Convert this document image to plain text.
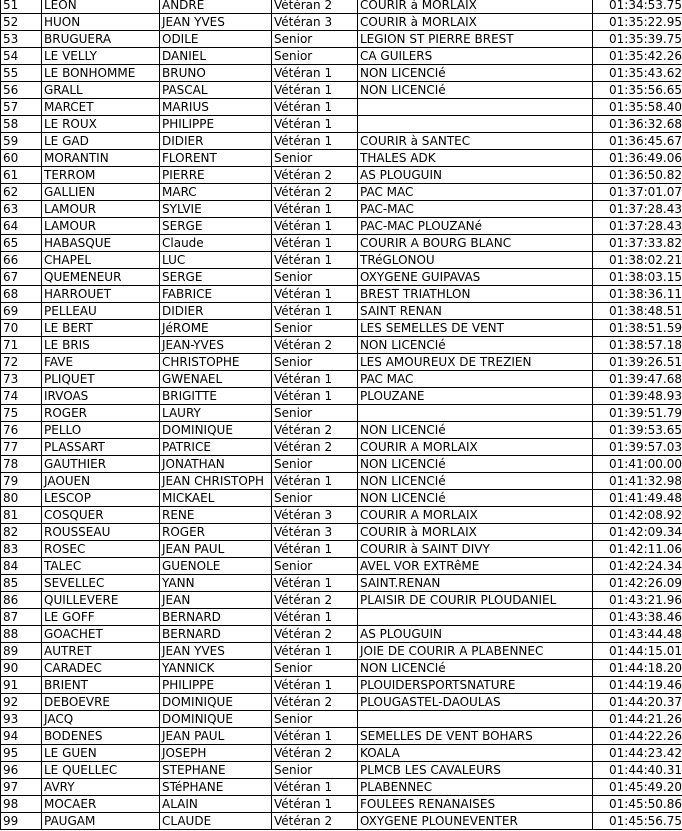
51	LEON	ANDRE	Vétéran 2	COURIR à MORLAIX	01:34:53.75
52	HUON	JEAN YVES	Vétéran 3	COURIR à MORLAIX	01:35:22.95
53	BRUGUERA	ODILE	Senior	LEGION ST PIERRE BREST	01:35:39.75
54	LE VELLY	DANIEL	Senior	CA GUILERS	01:35:42.26
55	LE BONHOMME	BRUNO	Vétéran 1	NON LICENCIé	01:35:43.62
56	GRALL	PASCAL	Vétéran 1	NON LICENCIé	01:35:56.65
57	MARCET	MARIUS	Vétéran 1		01:35:58.40
58	LE ROUX	PHILIPPE	Vétéran 1		01:36:32.68
59	LE GAD	DIDIER	Vétéran 1	COURIR à SANTEC	01:36:45.67
60	MORANTIN	FLORENT	Senior	THALES ADK	01:36:49.06
61	TERROM	PIERRE	Vétéran 2	AS PLOUGUIN	01:36:50.82
62	GALLIEN	MARC	Vétéran 2	PAC MAC	01:37:01.07
63	LAMOUR	SYLVIE	Vétéran 1	PAC-MAC	01:37:28.43
64	LAMOUR	SERGE	Vétéran 1	PAC-MAC PLOUZANé	01:37:28.43
65	HABASQUE	Claude	Vétéran 1	COURIR A BOURG BLANC	01:37:33.82
66	CHAPEL	LUC	Vétéran 1	TRéGLONOU	01:38:02.21
67	QUEMENEUR	SERGE	Senior	OXYGENE GUIPAVAS	01:38:03.15
68	HARROUET	FABRICE	Vétéran 1	BREST TRIATHLON	01:38:36.11
69	PELLEAU	DIDIER	Vétéran 1	SAINT RENAN	01:38:48.51
70	LE BERT	JéROME	Senior	LES SEMELLES DE VENT	01:38:51.59
71	LE BRIS	JEAN-YVES	Vétéran 2	NON LICENCIé	01:38:57.18
72	FAVE	CHRISTOPHE	Senior	LES AMOUREUX DE TREZIEN	01:39:26.51
73	PLIQUET	GWENAEL	Vétéran 1	PAC MAC	01:39:47.68
74	IRVOAS	BRIGITTE	Vétéran 1	PLOUZANE	01:39:48.93
75	ROGER	LAURY	Senior		01:39:51.79
76	PELLO	DOMINIQUE	Vétéran 2	NON LICENCIé	01:39:53.65
77	PLASSART	PATRICE	Vétéran 2	COURIR A MORLAIX	01:39:57.03
78	GAUTHIER	JONATHAN	Senior	NON LICENCIé	01:41:00.00
79	JAOUEN	JEAN CHRISTOPH	Vétéran 1	NON LICENCIé	01:41:32.98
80	LESCOP	MICKAEL	Senior	NON LICENCIé	01:41:49.48
81	COSQUER	RENE	Vétéran 3	COURIR A MORLAIX	01:42:08.92
82	ROUSSEAU	ROGER	Vétéran 3	COURIR à MORLAIX	01:42:09.34
83	ROSEC	JEAN PAUL	Vétéran 1	COURIR à SAINT DIVY	01:42:11.06
84	TALEC	GUENOLE	Senior	AVEL VOR EXTRêME	01:42:24.34
85	SEVELLEC	YANN	Vétéran 1	SAINT.RENAN	01:42:26.09
86	QUILLEVERE	JEAN	Vétéran 2	PLAISIR DE COURIR PLOUDANIEL	01:43:21.96
87	LE GOFF	BERNARD	Vétéran 1		01:43:38.46
88	GOACHET	BERNARD	Vétéran 2	AS PLOUGUIN	01:43:44.48
89	AUTRET	JEAN YVES	Vétéran 1	JOIE DE COURIR A PLABENNEC	01:44:15.01
90	CARADEC	YANNICK	Senior	NON LICENCIé	01:44:18.20
91	BRIENT	PHILIPPE	Vétéran 1	PLOUIDERSPORTSNATURE	01:44:19.46
92	DEBOEVRE	DOMINIQUE	Vétéran 2	PLOUGASTEL-DAOULAS	01:44:20.37
93	JACQ	DOMINIQUE	Senior		01:44:21.26
94	BODENES	JEAN PAUL	Vétéran 1	SEMELLES DE VENT BOHARS	01:44:22.26
95	LE GUEN	JOSEPH	Vétéran 2	KOALA	01:44:23.42
96	LE QUELLEC	STEPHANE	Senior	PLMCB LES CAVALEURS	01:44:40.31
97	AVRY	STéPHANE	Vétéran 1	PLABENNEC	01:45:49.20
98	MOCAER	ALAIN	Vétéran 1	FOULEES RENANAISES	01:45:50.86
99	PAUGAM	CLAUDE	Vétéran 2	OXYGENE PLOUNEVENTER	01:45:56.75
